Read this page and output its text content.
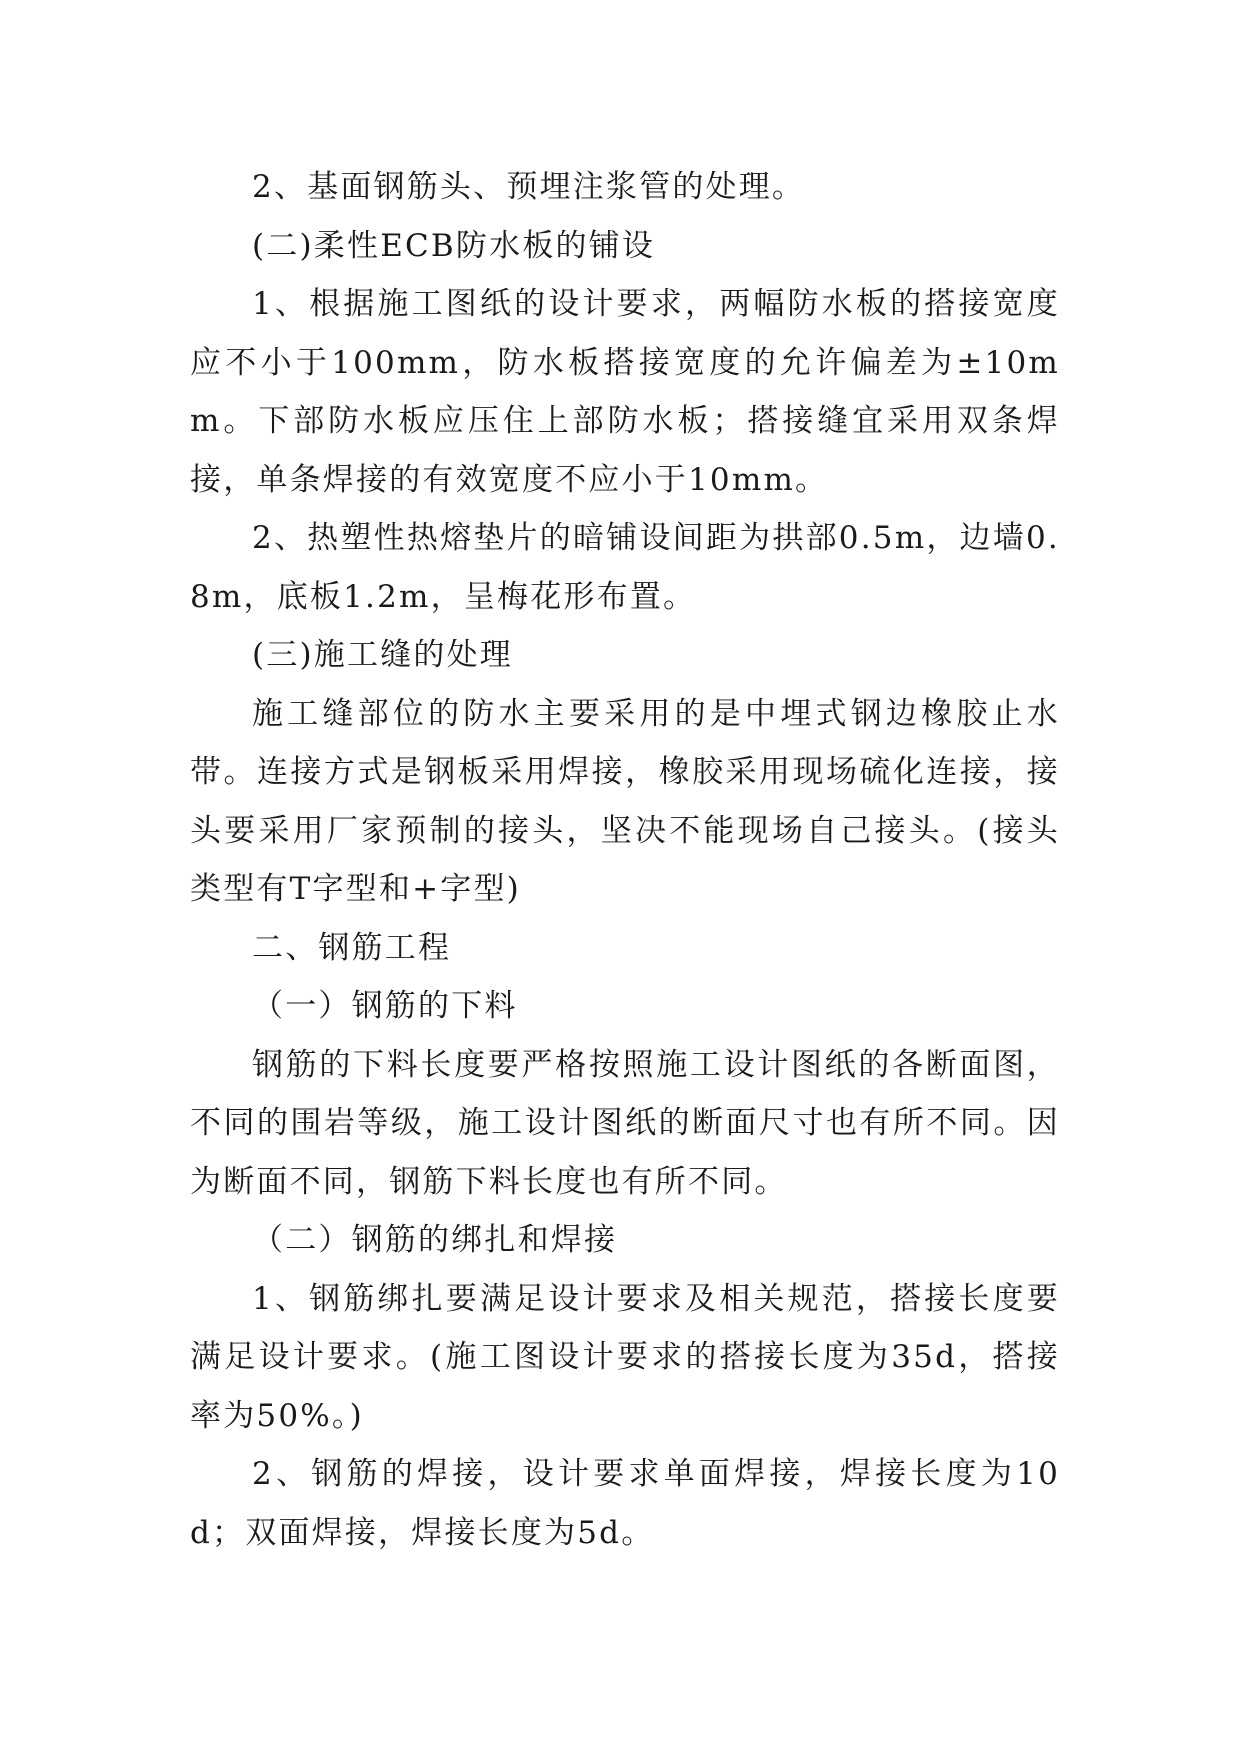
2、基面钢筋头、预埋注浆管的处理。

(二)柔性ECB防水板的铺设

1、根据施工图纸的设计要求，两幅防水板的搭接宽度应不小于100mm，防水板搭接宽度的允许偏差为±10mm。下部防水板应压住上部防水板；搭接缝宜采用双条焊接，单条焊接的有效宽度不应小于10mm。

2、热塑性热熔垫片的暗铺设间距为拱部0.5m，边墙0.8m，底板1.2m，呈梅花形布置。

(三)施工缝的处理

施工缝部位的防水主要采用的是中埋式钢边橡胶止水带。连接方式是钢板采用焊接，橡胶采用现场硫化连接，接头要采用厂家预制的接头，坚决不能现场自己接头。(接头类型有T字型和+字型)

二、钢筋工程

（一）钢筋的下料

钢筋的下料长度要严格按照施工设计图纸的各断面图，不同的围岩等级，施工设计图纸的断面尺寸也有所不同。因为断面不同，钢筋下料长度也有所不同。

（二）钢筋的绑扎和焊接

1、钢筋绑扎要满足设计要求及相关规范，搭接长度要满足设计要求。(施工图设计要求的搭接长度为35d，搭接率为50%。)

2、钢筋的焊接，设计要求单面焊接，焊接长度为10d；双面焊接，焊接长度为5d。
